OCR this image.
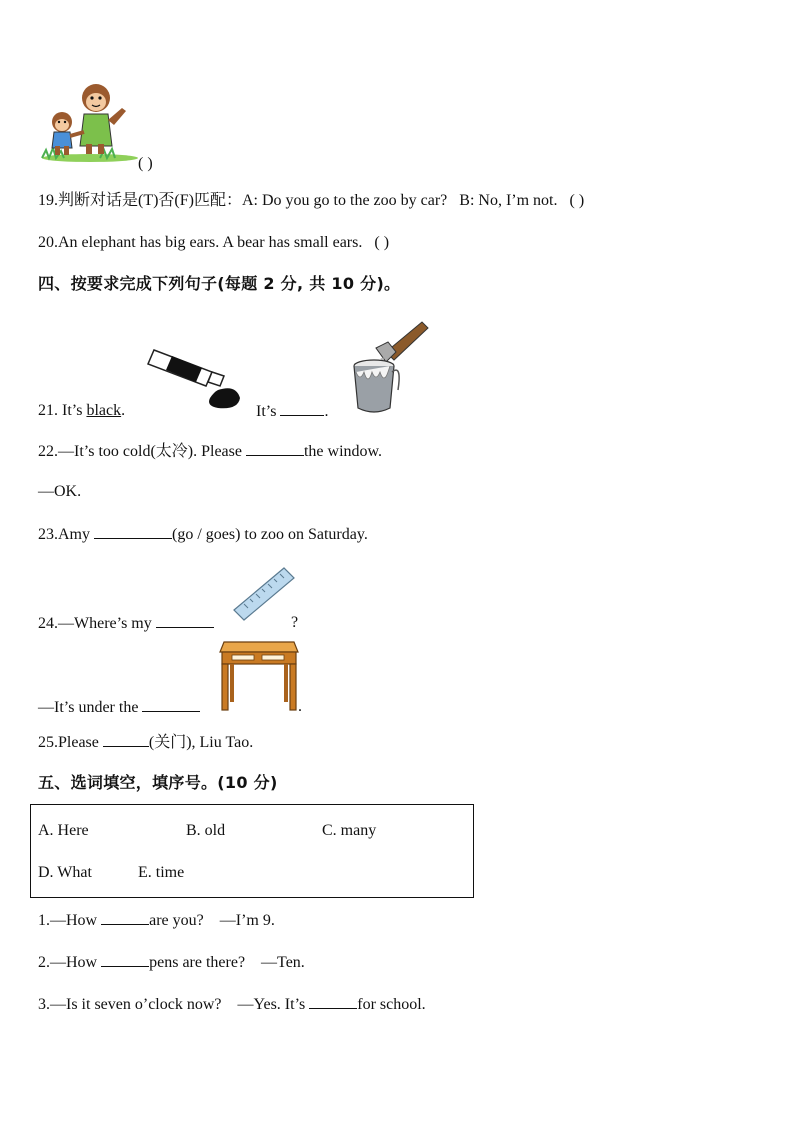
( )
19.判断对话是(T)否(F)匹配：A: Do you go to the zoo by car? B: No, I’m not. ( )
20.An elephant has big ears. A bear has small ears. ( )
四、按要求完成下列句子(每题 2 分, 共 10 分)。
21. It’s black.	It’s	.
22.—It’s too cold(太冷). Please	the window.
—OK.
23.Amy	(go / goes) to zoo on Saturday.
24.—Where’s my	?
—It’s under the	.
25.Please	(关门), Liu Tao.
五、选词填空，填序号。(10 分)
A. Here	B. old	C. many
D. What	E. time
1.—How	are you? —I’m 9.
2.—How	pens are there? —Ten.
3.—Is it seven o’clock now? —Yes. It’s	for school.
